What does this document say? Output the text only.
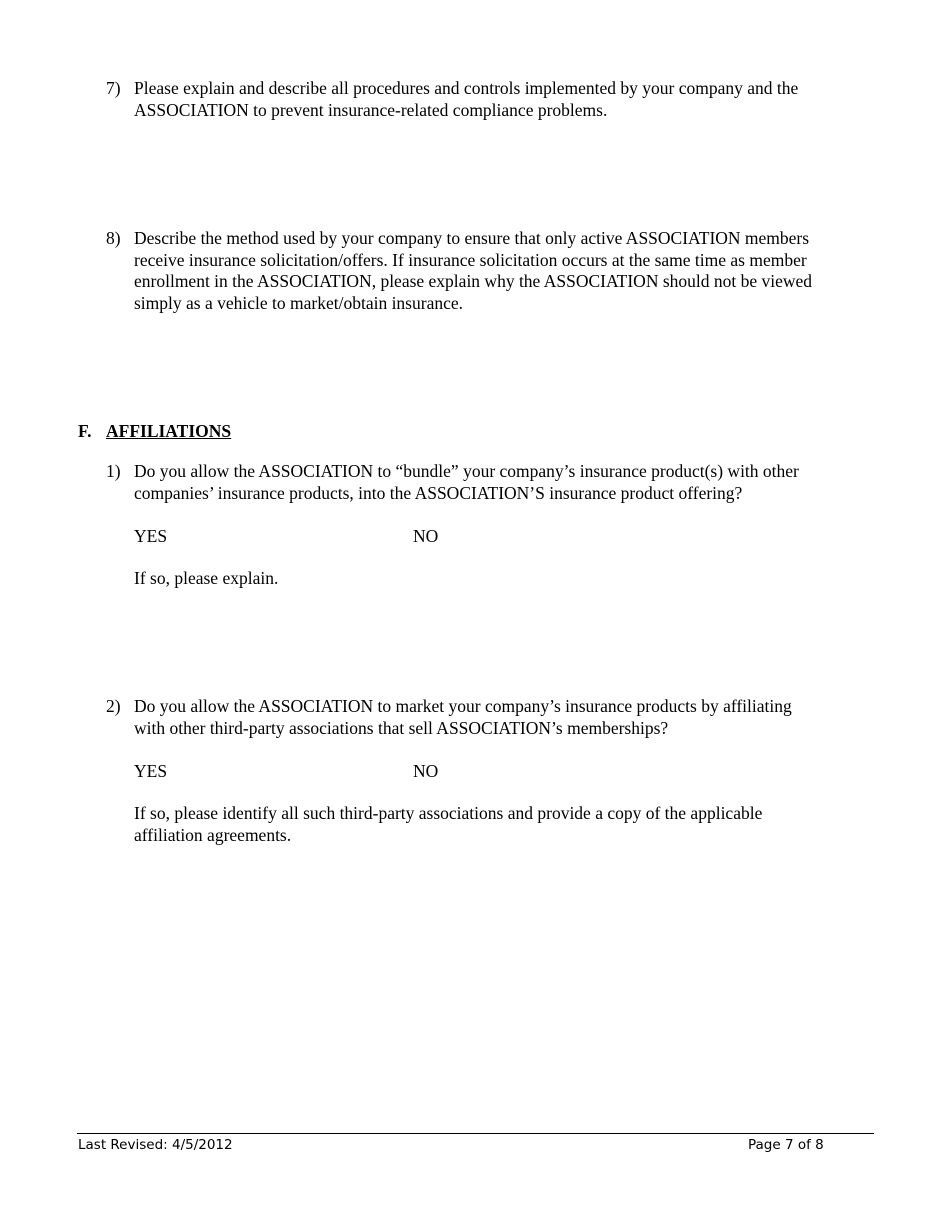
7) Please explain and describe all procedures and controls implemented by your company and the
ASSOCIATION to prevent insurance-related compliance problems.
8) Describe the method used by your company to ensure that only active ASSOCIATION members
receive insurance solicitation/offers. If insurance solicitation occurs at the same time as member
enrollment in the ASSOCIATION, please explain why the ASSOCIATION should not be viewed
simply as a vehicle to market/obtain insurance.
F. AFFILIATIONS
1) Do you allow the ASSOCIATION to “bundle” your company’s insurance product(s) with other
companies’ insurance products, into the ASSOCIATION’S insurance product offering?
YES	NO
If so, please explain.
2) Do you allow the ASSOCIATION to market your company’s insurance products by affiliating
with other third-party associations that sell ASSOCIATION’s memberships?
YES	NO
If so, please identify all such third-party associations and provide a copy of the applicable
affiliation agreements.
Last Revised: 4/5/2012	Page 7 of 8
